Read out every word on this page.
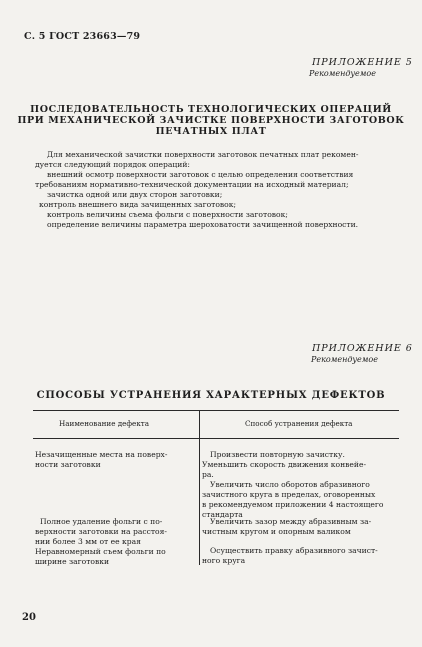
С. 5 ГОСТ 23663—79
ПРИЛОЖЕНИЕ 5
Рекомендуемое
ПОСЛЕДОВАТЕЛЬНОСТЬ ТЕХНОЛОГИЧЕСКИХ ОПЕРАЦИЙ
ПРИ МЕХАНИЧЕСКОЙ ЗАЧИСТКЕ ПОВЕРХНОСТИ ЗАГОТОВОК
ПЕЧАТНЫХ ПЛАТ
Для механической зачистки поверхности заготовок печатных плат рекомен-
дуется следующий порядок операций:
внешний осмотр поверхности заготовок с целью определения соответствия
требованиям нормативно-технической документации на исходный материал;
зачистка одной или двух сторон заготовки;
контроль внешнего вида зачищенных заготовок;
контроль величины съема фольги с поверхности заготовок;
определение величины параметра шероховатости зачищенной поверхности.
ПРИЛОЖЕНИЕ 6
Рекомендуемое
СПОСОБЫ УСТРАНЕНИЯ ХАРАКТЕРНЫХ ДЕФЕКТОВ
Наименование дефекта	Способ устранения дефекта
Незачищенные места на поверх-
ности заготовки
Полное удаление фольги с по-
верхности заготовки на расстоя-
нии более 3 мм от ее края
Неравномерный съем фольги по
ширине заготовки
Произвести повторную зачистку.
Уменьшить скорость движения конвейе-
ра.
Увеличить число оборотов абразивного
зачистного круга в пределах, оговоренных
в рекомендуемом приложении 4 настоящего
стандарта
Увеличить зазор между абразивным за-
чистным кругом и опорным валиком
Осуществить правку абразивного зачист-
ного круга
20
